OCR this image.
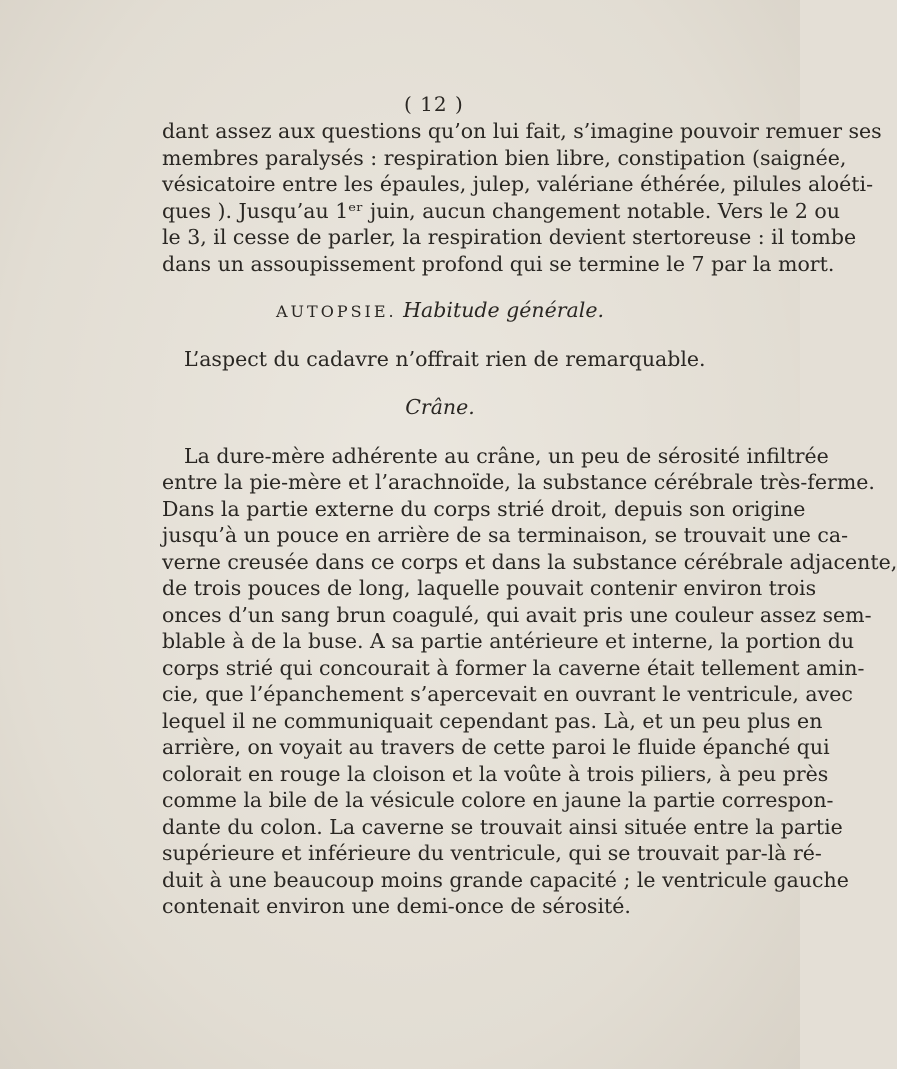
( 12 )
dant assez aux questions qu’on lui fait, s’imagine pouvoir remuer ses
membres paralysés : respiration bien libre, constipation (saignée,
vésicatoire entre les épaules, julep, valériane éthérée, pilules aloéti-
ques ). Jusqu’au 1ᵉʳ juin, aucun changement notable. Vers le 2 ou
le 3, il cesse de parler, la respiration devient stertoreuse : il tombe
dans un assoupissement profond qui se termine le 7 par la mort.
AUTOPSIE. Habitude générale.
L’aspect du cadavre n’offrait rien de remarquable.
Crâne.
La dure-mère adhérente au crâne, un peu de sérosité infiltrée
entre la pie-mère et l’arachnoïde, la substance cérébrale très-ferme.
Dans la partie externe du corps strié droit, depuis son origine
jusqu’à un pouce en arrière de sa terminaison, se trouvait une ca-
verne creusée dans ce corps et dans la substance cérébrale adjacente,
de trois pouces de long, laquelle pouvait contenir environ trois
onces d’un sang brun coagulé, qui avait pris une couleur assez sem-
blable à de la buse. A sa partie antérieure et interne, la portion du
corps strié qui concourait à former la caverne était tellement amin-
cie, que l’épanchement s’apercevait en ouvrant le ventricule, avec
lequel il ne communiquait cependant pas. Là, et un peu plus en
arrière, on voyait au travers de cette paroi le fluide épanché qui
colorait en rouge la cloison et la voûte à trois piliers, à peu près
comme la bile de la vésicule colore en jaune la partie correspon-
dante du colon. La caverne se trouvait ainsi située entre la partie
supérieure et inférieure du ventricule, qui se trouvait par-là ré-
duit à une beaucoup moins grande capacité ; le ventricule gauche
contenait environ une demi-once de sérosité.
